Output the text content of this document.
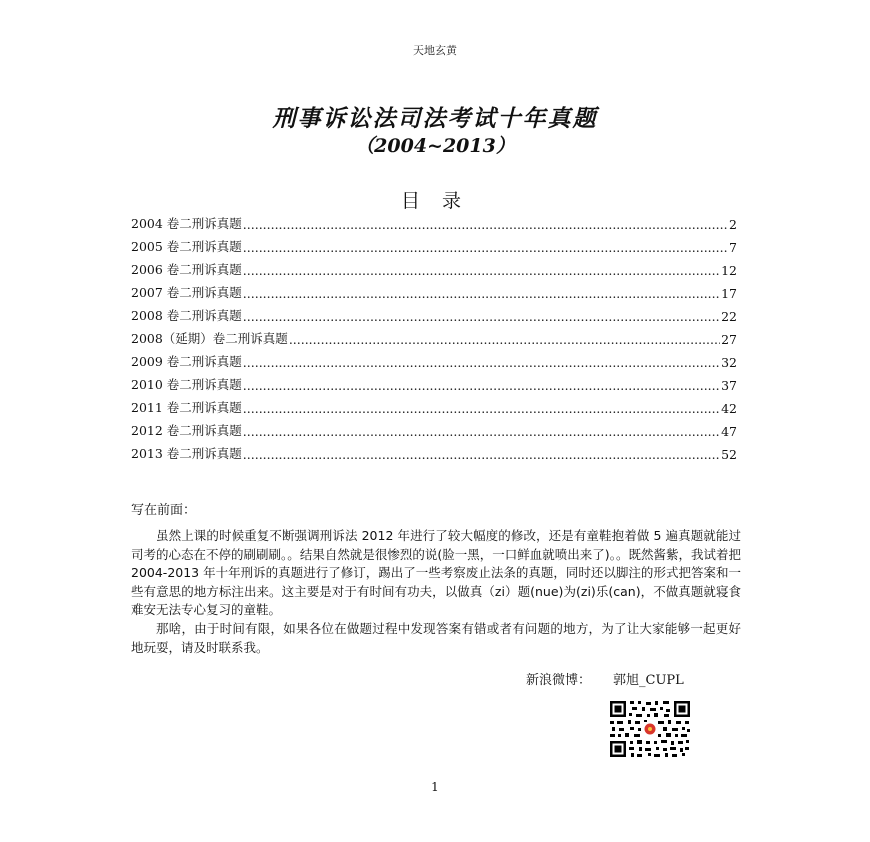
天地玄黄
刑事诉讼法司法考试十年真题
（2004~2013）
目 录
2004 卷二刑诉真题 .....	2
2005 卷二刑诉真题 .....	7
2006 卷二刑诉真题 .....	12
2007 卷二刑诉真题 .....	17
2008 卷二刑诉真题 .....	22
2008（延期）卷二刑诉真题 .....	27
2009 卷二刑诉真题 .....	32
2010 卷二刑诉真题 .....	37
2011 卷二刑诉真题 .....	42
2012 卷二刑诉真题 .....	47
2013 卷二刑诉真题 .....	52
写在前面：

虽然上课的时候重复不断强调刑诉法 2012 年进行了较大幅度的修改，还是有童鞋抱着做 5 遍真题就能过司考的心态在不停的刷刷刷。。结果自然就是很惨烈的说(脸一黑，一口鲜血就喷出来了)。。既然酱紫，我试着把 2004-2013 年十年刑诉的真题进行了修订，踢出了一些考察废止法条的真题，同时还以脚注的形式把答案和一些有意思的地方标注出来。这主要是对于有时间有功夫，以做真（zi）题(nue)为(zi)乐(can)，不做真题就寝食难安无法专心复习的童鞋。

那啥，由于时间有限，如果各位在做题过程中发现答案有错或者有问题的地方，为了让大家能够一起更好地玩耍，请及时联系我。

新浪微博： 郭旭_CUPL
1
